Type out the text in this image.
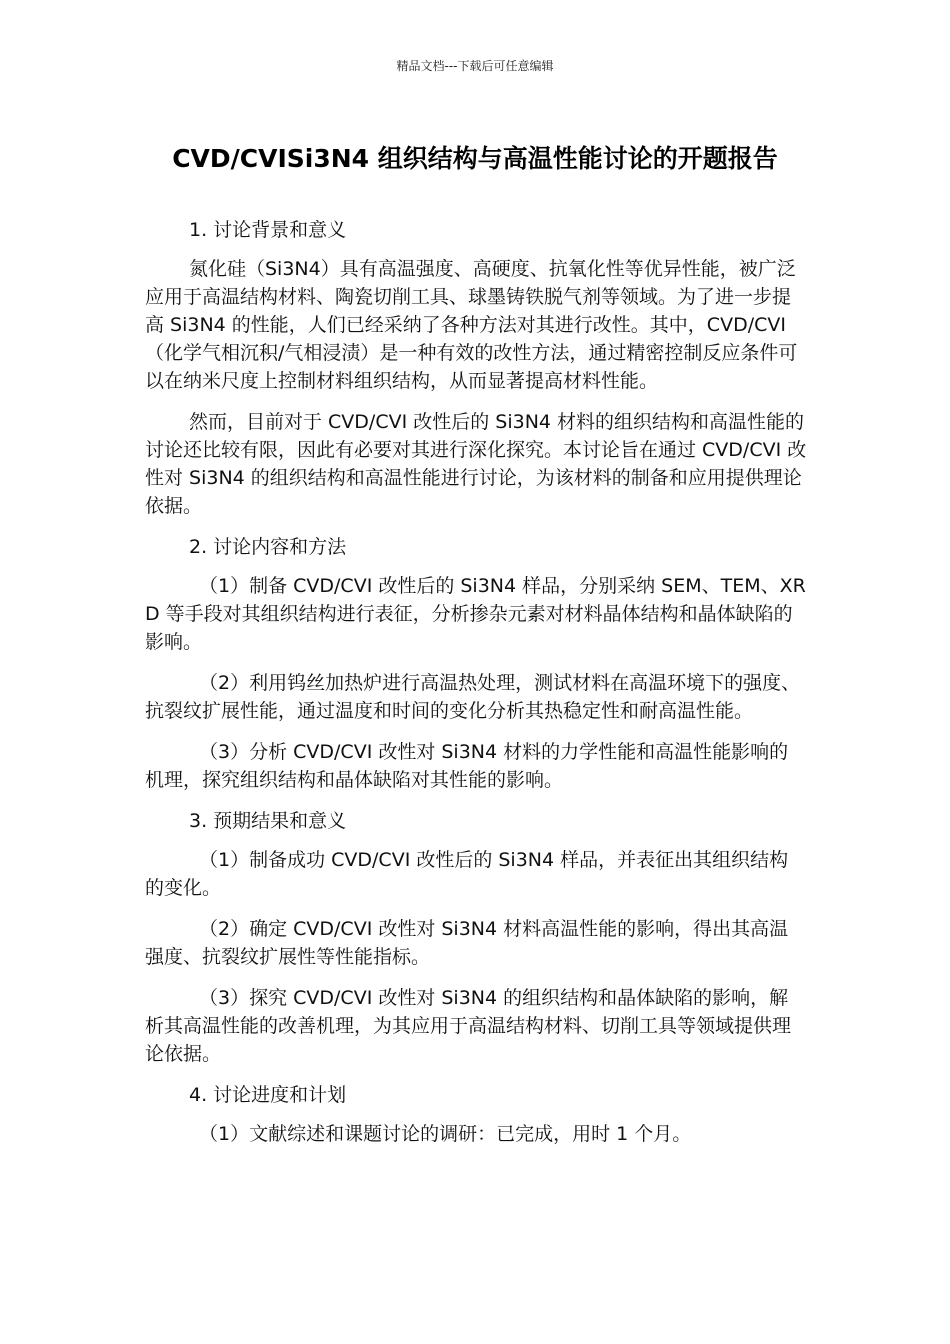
精品文档---下载后可任意编辑
CVD/CVISi3N4 组织结构与高温性能讨论的开题报告

1. 讨论背景和意义

氮化硅（Si3N4）具有高温强度、高硬度、抗氧化性等优异性能，被广泛应用于高温结构材料、陶瓷切削工具、球墨铸铁脱气剂等领域。为了进一步提高 Si3N4 的性能，人们已经采纳了各种方法对其进行改性。其中，CVD/CVI（化学气相沉积/气相浸渍）是一种有效的改性方法，通过精密控制反应条件可以在纳米尺度上控制材料组织结构，从而显著提高材料性能。

然而，目前对于 CVD/CVI 改性后的 Si3N4 材料的组织结构和高温性能的讨论还比较有限，因此有必要对其进行深化探究。本讨论旨在通过 CVD/CVI 改性对 Si3N4 的组织结构和高温性能进行讨论，为该材料的制备和应用提供理论依据。

2. 讨论内容和方法

（1）制备 CVD/CVI 改性后的 Si3N4 样品，分别采纳 SEM、TEM、XRD 等手段对其组织结构进行表征，分析掺杂元素对材料晶体结构和晶体缺陷的影响。

（2）利用钨丝加热炉进行高温热处理，测试材料在高温环境下的强度、抗裂纹扩展性能，通过温度和时间的变化分析其热稳定性和耐高温性能。

（3）分析 CVD/CVI 改性对 Si3N4 材料的力学性能和高温性能影响的机理，探究组织结构和晶体缺陷对其性能的影响。

3. 预期结果和意义

（1）制备成功 CVD/CVI 改性后的 Si3N4 样品，并表征出其组织结构的变化。

（2）确定 CVD/CVI 改性对 Si3N4 材料高温性能的影响，得出其高温强度、抗裂纹扩展性等性能指标。

（3）探究 CVD/CVI 改性对 Si3N4 的组织结构和晶体缺陷的影响，解析其高温性能的改善机理，为其应用于高温结构材料、切削工具等领域提供理论依据。

4. 讨论进度和计划

（1）文献综述和课题讨论的调研：已完成，用时 1 个月。
